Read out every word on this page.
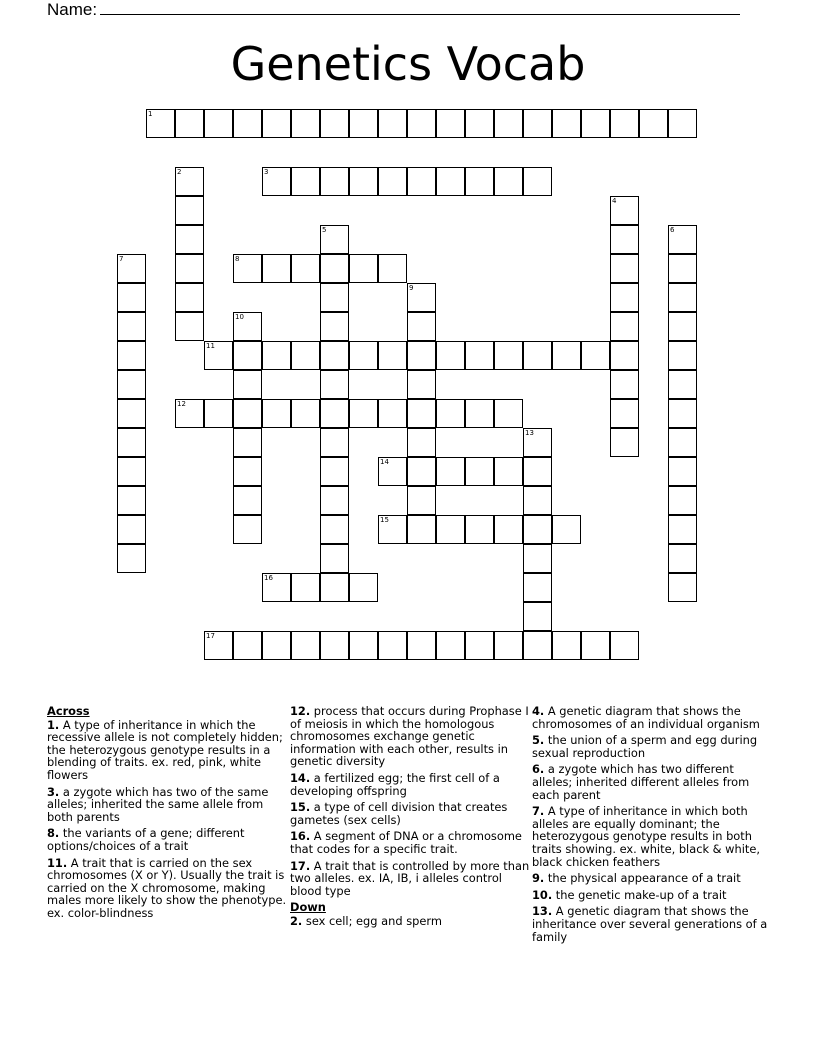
Name:
Genetics Vocab
1
2	3
4
5	6
7	8
9
10
11
12
13
14
15
16
17
Across
1. A type of inheritance in which the recessive allele is not completely hidden; the heterozygous genotype results in a blending of traits. ex. red, pink, white flowers
3. a zygote which has two of the same alleles; inherited the same allele from both parents
8. the variants of a gene; different options/choices of a trait
11. A trait that is carried on the sex chromosomes (X or Y). Usually the trait is carried on the X chromosome, making males more likely to show the phenotype. ex. color-blindness
12. process that occurs during Prophase I of meiosis in which the homologous chromosomes exchange genetic information with each other, results in genetic diversity
14. a fertilized egg; the first cell of a developing offspring
15. a type of cell division that creates gametes (sex cells)
16. A segment of DNA or a chromosome that codes for a specific trait.
17. A trait that is controlled by more than two alleles. ex. IA, IB, i alleles control blood type
Down
2. sex cell; egg and sperm
4. A genetic diagram that shows the chromosomes of an individual organism
5. the union of a sperm and egg during sexual reproduction
6. a zygote which has two different alleles; inherited different alleles from each parent
7. A type of inheritance in which both alleles are equally dominant; the heterozygous genotype results in both traits showing. ex. white, black & white, black chicken feathers
9. the physical appearance of a trait
10. the genetic make-up of a trait
13. A genetic diagram that shows the inheritance over several generations of a family
